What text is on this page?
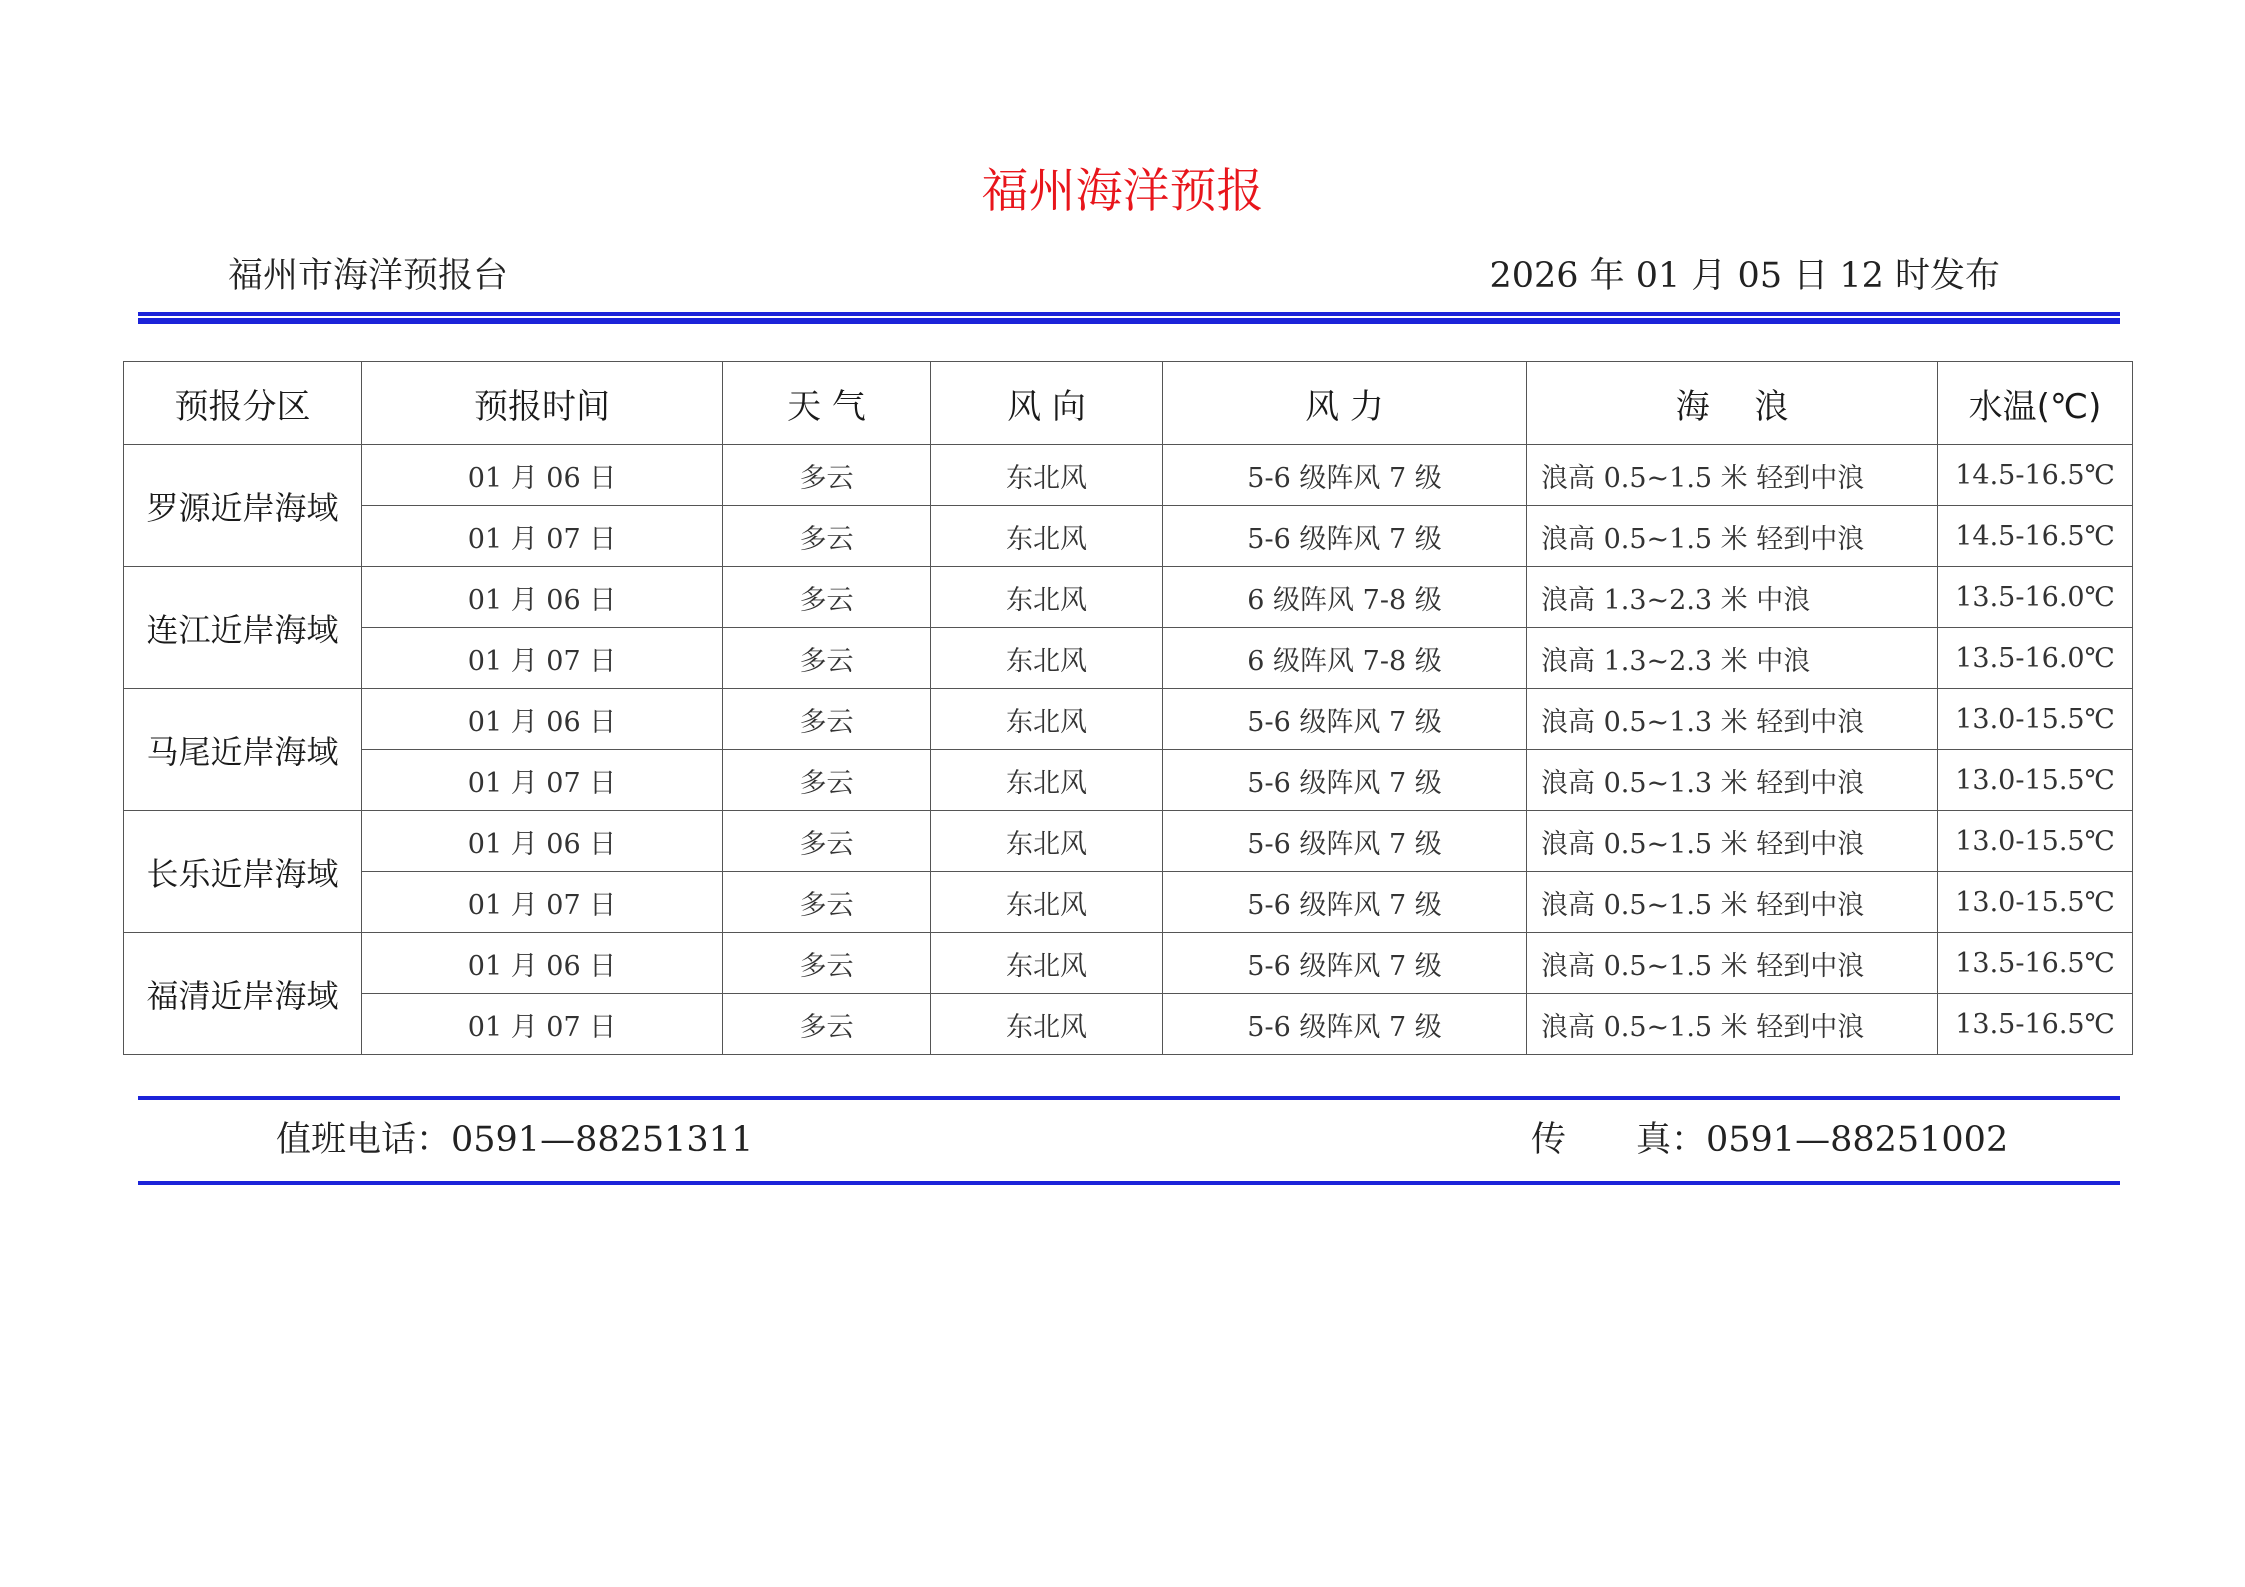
福州海洋预报
福州市海洋预报台	2026 年 01 月 05 日 12 时发布
预报分区	预报时间	天 气	风 向	风 力	海　 浪	水温(℃)
罗源近岸海域	01 月 06 日	多云	东北风	5-6 级阵风 7 级	浪高 0.5~1.5 米 轻到中浪	14.5-16.5℃
	01 月 07 日	多云	东北风	5-6 级阵风 7 级	浪高 0.5~1.5 米 轻到中浪	14.5-16.5℃
连江近岸海域	01 月 06 日	多云	东北风	6 级阵风 7-8 级	浪高 1.3~2.3 米 中浪	13.5-16.0℃
	01 月 07 日	多云	东北风	6 级阵风 7-8 级	浪高 1.3~2.3 米 中浪	13.5-16.0℃
马尾近岸海域	01 月 06 日	多云	东北风	5-6 级阵风 7 级	浪高 0.5~1.3 米 轻到中浪	13.0-15.5℃
	01 月 07 日	多云	东北风	5-6 级阵风 7 级	浪高 0.5~1.3 米 轻到中浪	13.0-15.5℃
长乐近岸海域	01 月 06 日	多云	东北风	5-6 级阵风 7 级	浪高 0.5~1.5 米 轻到中浪	13.0-15.5℃
	01 月 07 日	多云	东北风	5-6 级阵风 7 级	浪高 0.5~1.5 米 轻到中浪	13.0-15.5℃
福清近岸海域	01 月 06 日	多云	东北风	5-6 级阵风 7 级	浪高 0.5~1.5 米 轻到中浪	13.5-16.5℃
	01 月 07 日	多云	东北风	5-6 级阵风 7 级	浪高 0.5~1.5 米 轻到中浪	13.5-16.5℃
值班电话：0591—88251311	传　　真：0591—88251002
